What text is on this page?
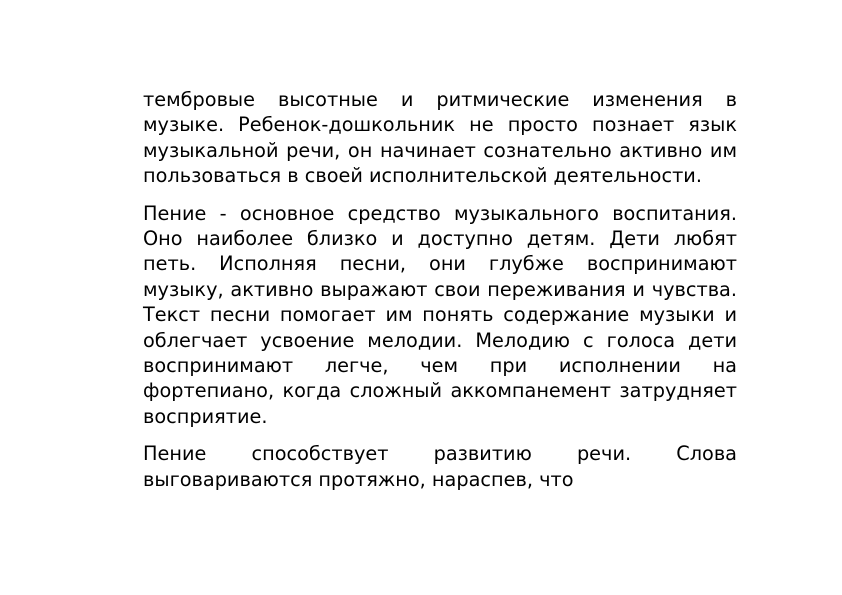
тембровые высотные и ритмические изменения в музыке. Ребенок-дошкольник не просто познает язык музыкальной речи, он начинает сознательно активно им пользоваться в своей исполнительской деятельности.

Пение - основное средство музыкального воспитания. Оно наиболее близко и доступно детям. Дети любят петь. Исполняя песни, они глубже воспринимают музыку, активно выражают свои переживания и чувства. Текст песни помогает им понять содержание музыки и облегчает усвоение мелодии. Мелодию с голоса дети воспринимают легче, чем при исполнении на фортепиано, когда сложный аккомпанемент затрудняет восприятие.

Пение способствует развитию речи. Слова выговариваются протяжно, нараспев, что
